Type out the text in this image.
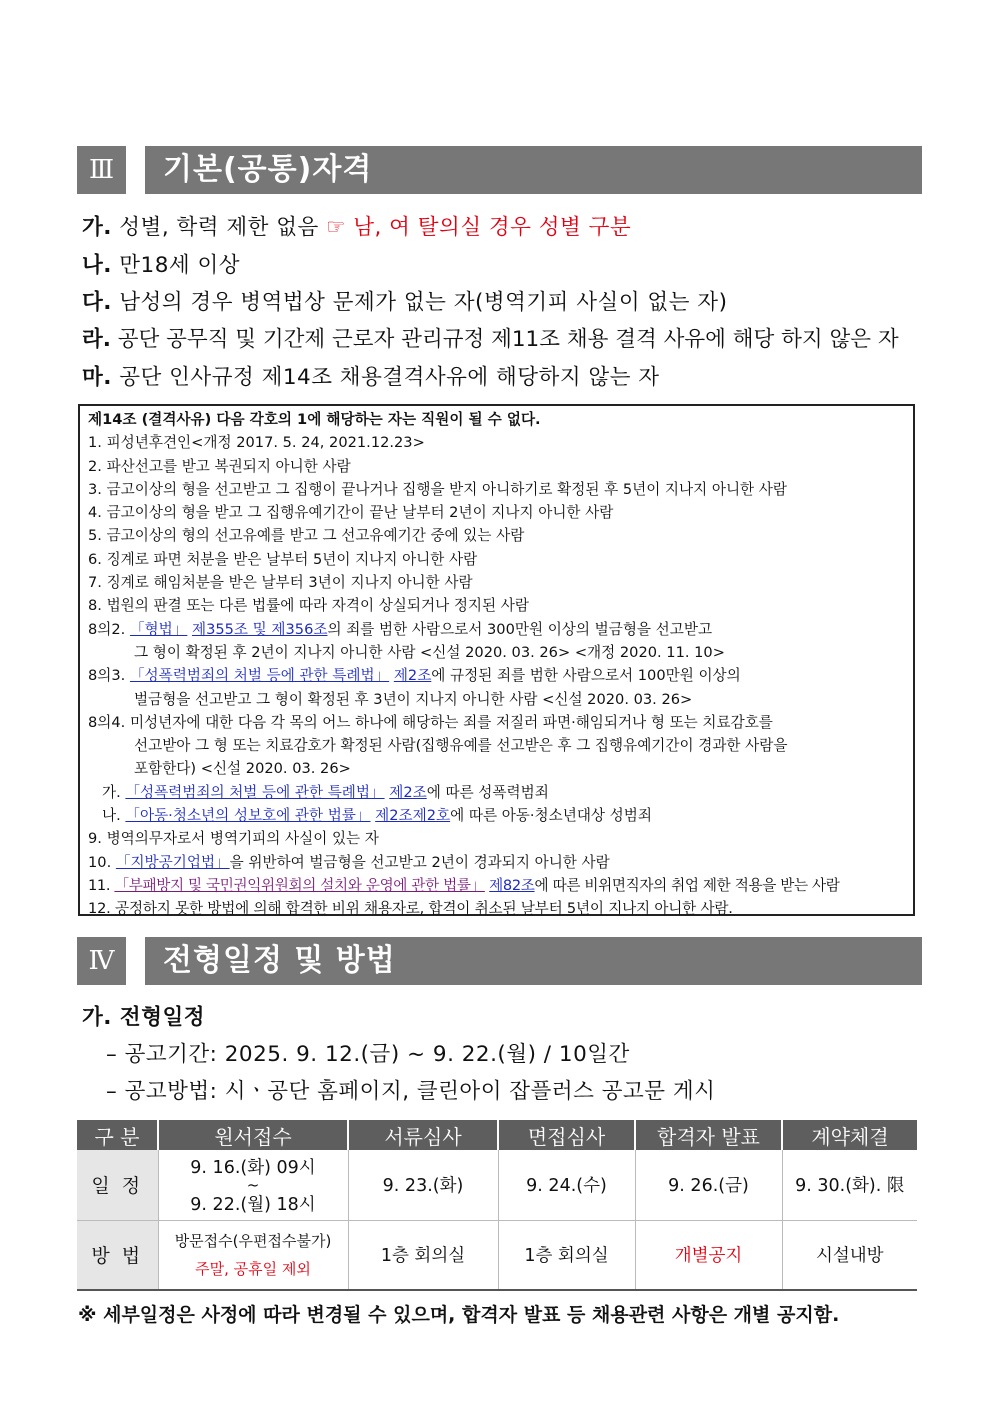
Ⅲ	기본(공통)자격
가. 성별, 학력 제한 없음 ☞ 남, 여 탈의실 경우 성별 구분
나. 만18세 이상
다. 남성의 경우 병역법상 문제가 없는 자(병역기피 사실이 없는 자)
라. 공단 공무직 및 기간제 근로자 관리규정 제11조 채용 결격 사유에 해당 하지 않은 자
마. 공단 인사규정 제14조 채용결격사유에 해당하지 않는 자
제14조 (결격사유) 다음 각호의 1에 해당하는 자는 직원이 될 수 없다.
1. 피성년후견인<개정 2017. 5. 24, 2021.12.23>
2. 파산선고를 받고 복권되지 아니한 사람
3. 금고이상의 형을 선고받고 그 집행이 끝나거나 집행을 받지 아니하기로 확정된 후 5년이 지나지 아니한 사람
4. 금고이상의 형을 받고 그 집행유예기간이 끝난 날부터 2년이 지나지 아니한 사람
5. 금고이상의 형의 선고유예를 받고 그 선고유예기간 중에 있는 사람
6. 징계로 파면 처분을 받은 날부터 5년이 지나지 아니한 사람
7. 징계로 해임처분을 받은 날부터 3년이 지나지 아니한 사람
8. 법원의 판결 또는 다른 법률에 따라 자격이 상실되거나 정지된 사람
8의2. 「형법」 제355조 및 제356조의 죄를 범한 사람으로서 300만원 이상의 벌금형을 선고받고
그 형이 확정된 후 2년이 지나지 아니한 사람 <신설 2020. 03. 26> <개정 2020. 11. 10>
8의3. 「성폭력범죄의 처벌 등에 관한 특례법」 제2조에 규정된 죄를 범한 사람으로서 100만원 이상의
벌금형을 선고받고 그 형이 확정된 후 3년이 지나지 아니한 사람 <신설 2020. 03. 26>
8의4. 미성년자에 대한 다음 각 목의 어느 하나에 해당하는 죄를 저질러 파면·해임되거나 형 또는 치료감호를
선고받아 그 형 또는 치료감호가 확정된 사람(집행유예를 선고받은 후 그 집행유예기간이 경과한 사람을
포함한다) <신설 2020. 03. 26>
가. 「성폭력범죄의 처벌 등에 관한 특례법」 제2조에 따른 성폭력범죄
나. 「아동·청소년의 성보호에 관한 법률」 제2조제2호에 따른 아동·청소년대상 성범죄
9. 병역의무자로서 병역기피의 사실이 있는 자
10. 「지방공기업법」을 위반하여 벌금형을 선고받고 2년이 경과되지 아니한 사람
11. 「부패방지 및 국민권익위원회의 설치와 운영에 관한 법률」 제82조에 따른 비위면직자의 취업 제한 적용을 받는 사람
12. 공정하지 못한 방법에 의해 합격한 비위 채용자로, 합격이 취소된 날부터 5년이 지나지 아니한 사람.
Ⅳ	전형일정 및 방법
가. 전형일정
– 공고기간: 2025. 9. 12.(금) ~ 9. 22.(월) / 10일간
– 공고방법: 시ㆍ공단 홈페이지, 클린아이 잡플러스 공고문 게시
구 분	원서접수	서류심사	면접심사	합격자 발표	계약체결
일 정	9. 16.(화) 09시
~
9. 22.(월) 18시	9. 23.(화)	9. 24.(수)	9. 26.(금)	9. 30.(화). 限
방 법	방문접수(우편접수불가)
주말, 공휴일 제외	1층 회의실	1층 회의실	개별공지	시설내방
※ 세부일정은 사정에 따라 변경될 수 있으며, 합격자 발표 등 채용관련 사항은 개별 공지함.
